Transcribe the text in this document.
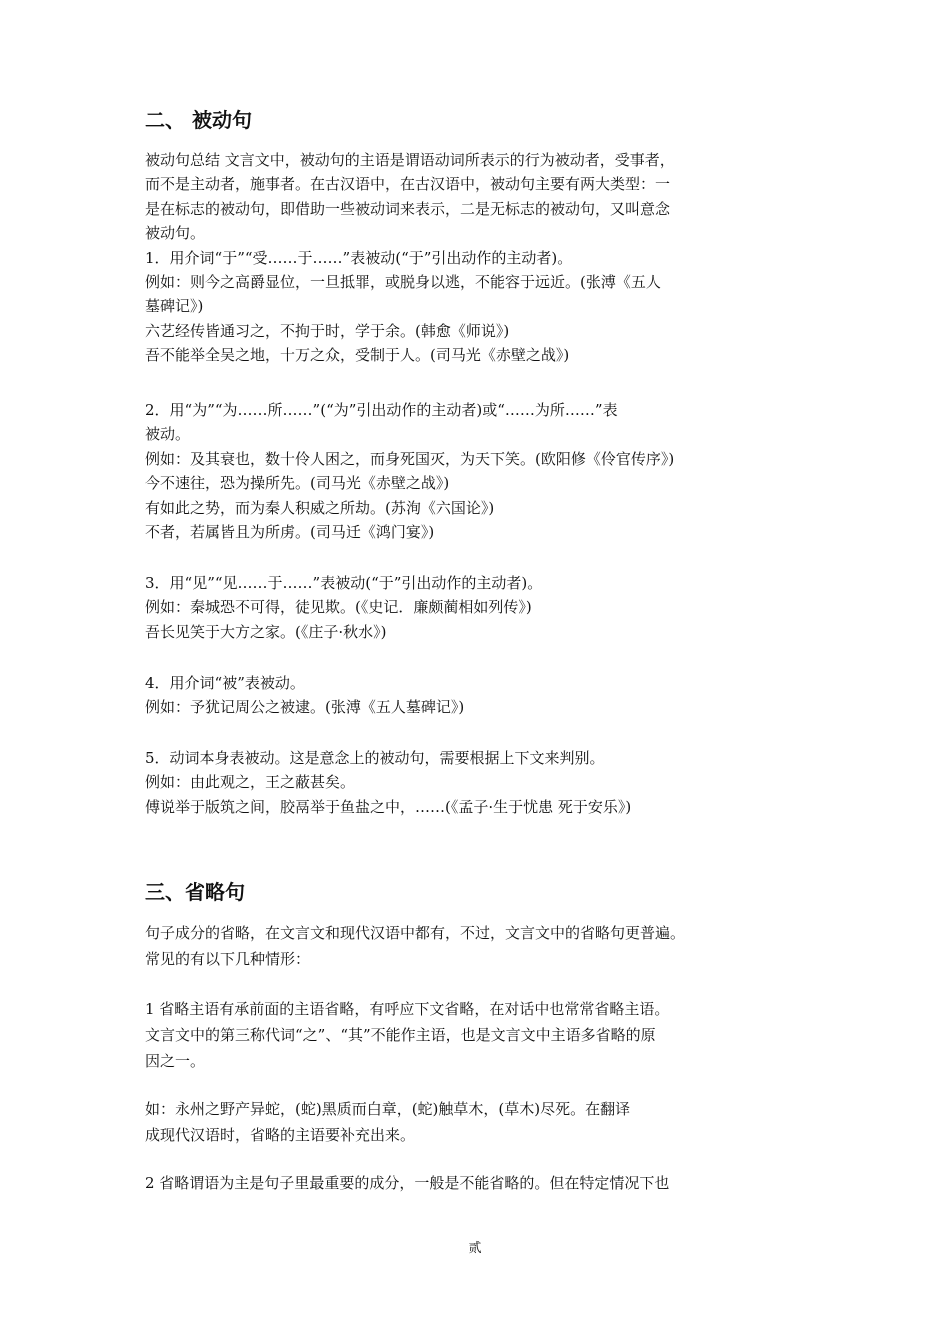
二、 被动句

被动句总结 文言文中，被动句的主语是谓语动词所表示的行为被动者，受事者，

而不是主动者，施事者。在古汉语中，在古汉语中，被动句主要有两大类型：一

是在标志的被动句，即借助一些被动词来表示，二是无标志的被动句，又叫意念

被动句。

1．用介词“于”“受……于……”表被动(“于”引出动作的主动者)。

例如：则今之高爵显位，一旦抵罪，或脱身以逃，不能容于远近。(张溥《五人

墓碑记》)

六艺经传皆通习之，不拘于时，学于余。(韩愈《师说》)

吾不能举全吴之地，十万之众，受制于人。(司马光《赤壁之战》)

2．用“为”“为……所……”(“为”引出动作的主动者)或“……为所……”表

被动。

例如：及其衰也，数十伶人困之，而身死国灭，为天下笑。(欧阳修《伶官传序》)

今不速往，恐为操所先。(司马光《赤壁之战》)

有如此之势，而为秦人积威之所劫。(苏洵《六国论》)

不者，若属皆且为所虏。(司马迁《鸿门宴》)

3．用“见”“见……于……”表被动(“于”引出动作的主动者)。

例如：秦城恐不可得，徒见欺。(《史记．廉颇蔺相如列传》)

吾长见笑于大方之家。(《庄子·秋水》)

4．用介词“被”表被动。

例如：予犹记周公之被逮。(张溥《五人墓碑记》)

5．动词本身表被动。这是意念上的被动句，需要根据上下文来判别。

例如：由此观之，王之蔽甚矣。

傅说举于版筑之间，胶鬲举于鱼盐之中，……(《孟子·生于忧患 死于安乐》)

三、省略句

句子成分的省略，在文言文和现代汉语中都有，不过，文言文中的省略句更普遍。

常见的有以下几种情形：

1 省略主语有承前面的主语省略，有呼应下文省略，在对话中也常常省略主语。

文言文中的第三称代词“之”、“其”不能作主语，也是文言文中主语多省略的原

因之一。

如：永州之野产异蛇，(蛇)黑质而白章，(蛇)触草木，(草木)尽死。在翻译

成现代汉语时，省略的主语要补充出来。

2 省略谓语为主是句子里最重要的成分，一般是不能省略的。但在特定情况下也

贰
